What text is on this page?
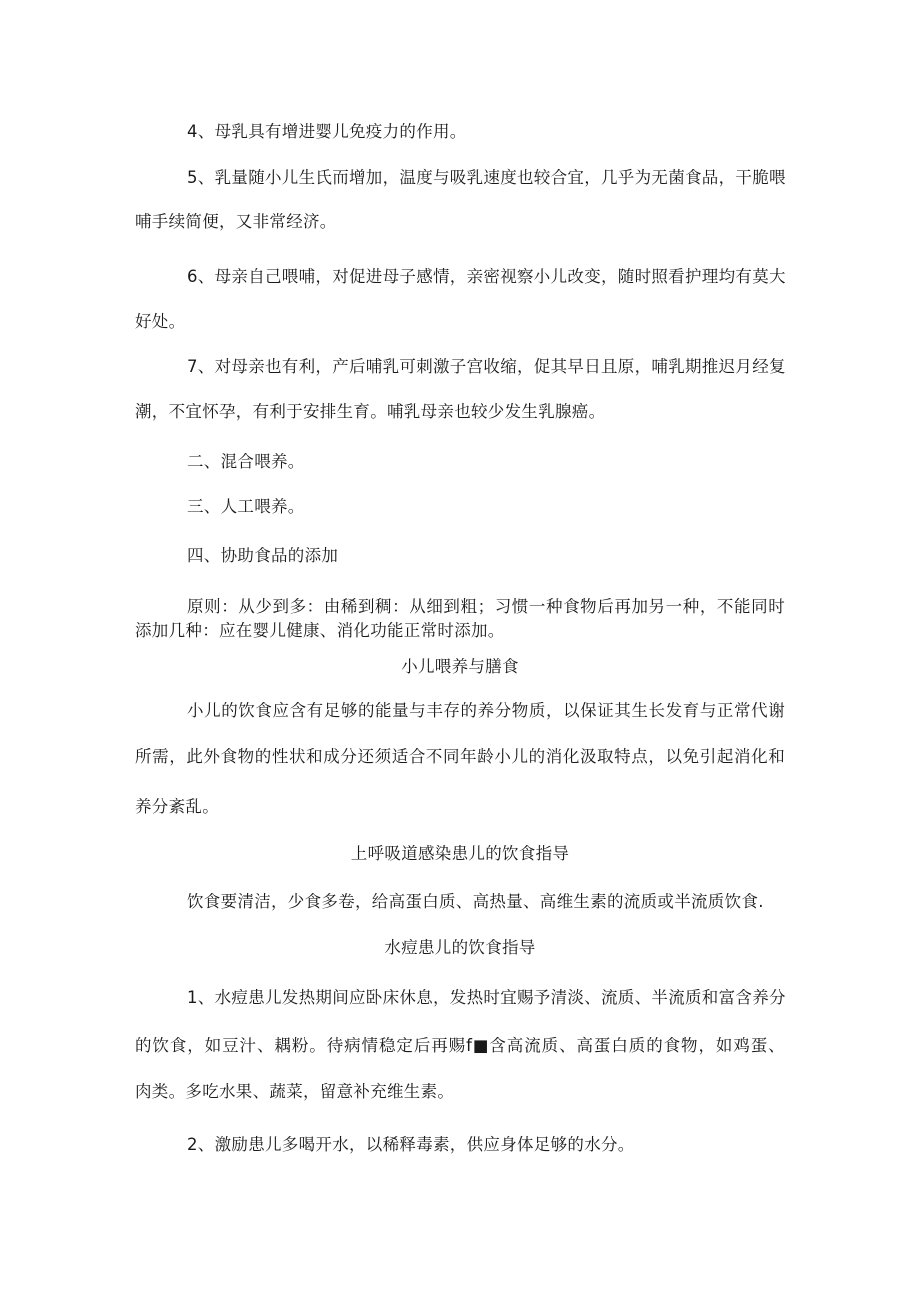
4、母乳具有增进婴儿免疫力的作用。
5、乳量随小儿生氏而增加，温度与吸乳速度也较合宜，几乎为无菌食品，干脆喂
哺手续简便，又非常经济。
6、母亲自己喂哺，对促进母子感情，亲密视察小儿改变，随时照看护理均有莫大
好处。
7、对母亲也有利，产后哺乳可刺激子宫收缩，促其早日且原，哺乳期推迟月经复
潮，不宜怀孕，有利于安排生育。哺乳母亲也较少发生乳腺癌。
二、混合喂养。
三、人工喂养。
四、协助食品的添加
原则：从少到多：由稀到稠：从细到粗；习惯一种食物后再加另一种，不能同时
添加几种：应在婴儿健康、消化功能正常时添加。
小儿喂养与膳食
小儿的饮食应含有足够的能量与丰存的养分物质，以保证其生长发育与正常代谢
所需，此外食物的性状和成分还须适合不同年龄小儿的消化汲取特点，以免引起消化和
养分紊乱。
上呼吸道感染患儿的饮食指导
饮食要清洁，少食多卷，给高蛋白质、高热量、高维生素的流质或半流质饮食.
水痘患儿的饮食指导
1、水痘患儿发热期间应卧床休息，发热时宜赐予清淡、流质、半流质和富含养分
的饮食，如豆汁、耦粉。待病情稳定后再赐f■含高流质、高蛋白质的食物，如鸡蛋、
肉类。多吃水果、蔬菜，留意补充维生素。
2、激励患儿多喝开水，以稀释毒素，供应身体足够的水分。
